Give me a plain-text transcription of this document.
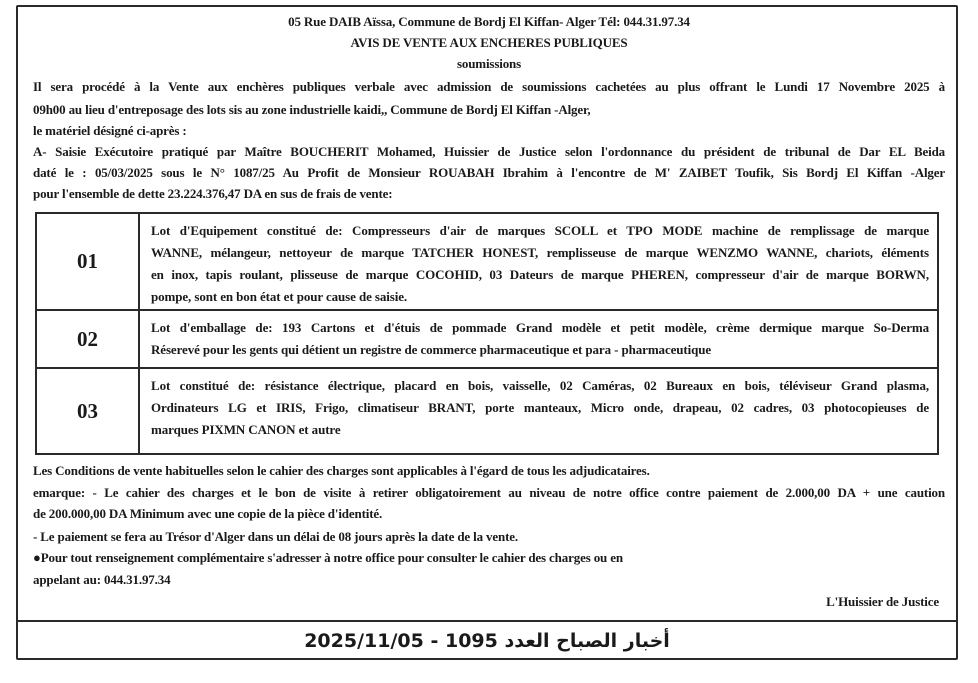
05 Rue DAIB Aïssa, Commune de Bordj El Kiffan- Alger Tél: 044.31.97.34
AVIS DE VENTE AUX ENCHERES PUBLIQUES
soumissions
Il sera procédé à la Vente aux enchères publiques verbale avec admission de soumissions cachetées au plus offrant le Lundi 17 Novembre 2025 à
09h00 au lieu d'entreposage des lots sis au zone industrielle kaidi,, Commune de Bordj El Kiffan -Alger,
le matériel désigné ci-après :
A- Saisie Exécutoire pratiqué par Maître BOUCHERIT Mohamed, Huissier de Justice selon l'ordonnance du président de tribunal de Dar EL Beida
daté le : 05/03/2025 sous le N° 1087/25 Au Profit de Monsieur ROUABAH Ibrahim à l'encontre de M' ZAIBET Toufik, Sis Bordj El Kiffan -Alger
pour l'ensemble de dette 23.224.376,47 DA en sus de frais de vente:
01
Lot d'Equipement constitué de: Compresseurs d'air de marques SCOLL et TPO MODE machine de remplissage de marque
WANNE, mélangeur, nettoyeur de marque TATCHER HONEST, remplisseuse de marque WENZMO WANNE, chariots, éléments
en inox, tapis roulant, plisseuse de marque COCOHID, 03 Dateurs de marque PHEREN, compresseur d'air de marque BORWN,
pompe, sont en bon état et pour cause de saisie.
02	Lot d'emballage de: 193 Cartons et d'étuis de pommade Grand modèle et petit modèle, crème dermique marque So-Derma
Réserevé pour les gents qui détient un registre de commerce pharmaceutique et para - pharmaceutique
03
Lot constitué de: résistance électrique, placard en bois, vaisselle, 02 Caméras, 02 Bureaux en bois, téléviseur Grand plasma,
Ordinateurs LG et IRIS, Frigo, climatiseur BRANT, porte manteaux, Micro onde, drapeau, 02 cadres, 03 photocopieuses de
marques PIXMN CANON et autre
Les Conditions de vente habituelles selon le cahier des charges sont applicables à l'égard de tous les adjudicataires.
emarque: - Le cahier des charges et le bon de visite à retirer obligatoirement au niveau de notre office contre paiement de 2.000,00 DA + une caution
de 200.000,00 DA Minimum avec une copie de la pièce d'identité.
- Le paiement se fera au Trésor d'Alger dans un délai de 08 jours après la date de la vente.
●Pour tout renseignement complémentaire s'adresser à notre office pour consulter le cahier des charges ou en
appelant au: 044.31.97.34
L'Huissier de Justice
أخبار الصباح العدد 1095 - 2025/11/05
